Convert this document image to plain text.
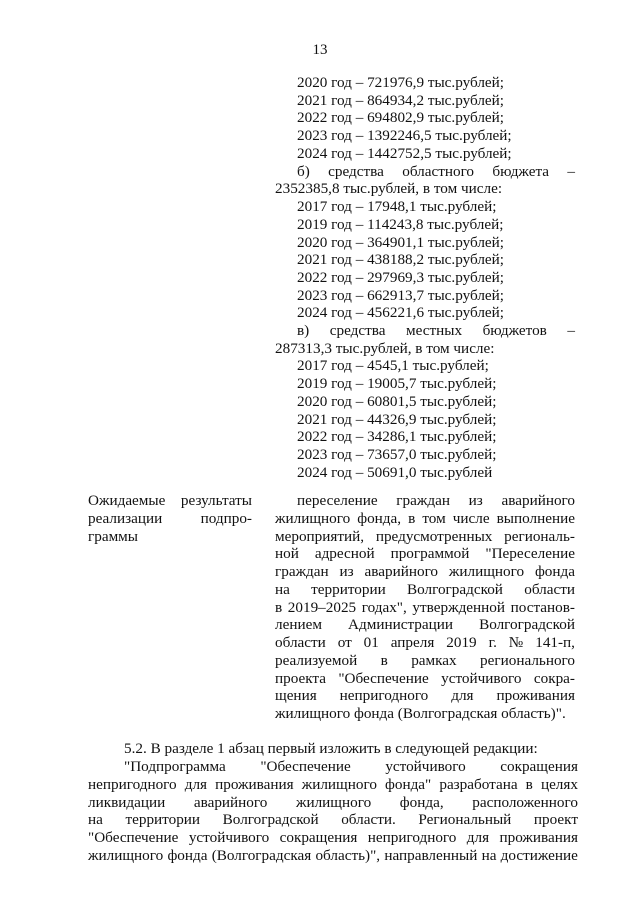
13
2020 год – 721976,9 тыс.рублей;
2021 год – 864934,2 тыс.рублей;
2022 год – 694802,9 тыс.рублей;
2023 год – 1392246,5 тыс.рублей;
2024 год – 1442752,5 тыс.рублей;
б) средства областного бюджета –
2352385,8 тыс.рублей, в том числе:
2017 год – 17948,1 тыс.рублей;
2019 год – 114243,8 тыс.рублей;
2020 год – 364901,1 тыс.рублей;
2021 год – 438188,2 тыс.рублей;
2022 год – 297969,3 тыс.рублей;
2023 год – 662913,7 тыс.рублей;
2024 год – 456221,6 тыс.рублей;
в) средства местных бюджетов –
287313,3 тыс.рублей, в том числе:
2017 год – 4545,1 тыс.рублей;
2019 год – 19005,7 тыс.рублей;
2020 год – 60801,5 тыс.рублей;
2021 год – 44326,9 тыс.рублей;
2022 год – 34286,1 тыс.рублей;
2023 год – 73657,0 тыс.рублей;
2024 год – 50691,0 тыс.рублей
Ожидаемые результаты
реализации	подпро-
граммы
переселение граждан из аварийного
жилищного фонда, в том числе выполнение
мероприятий, предусмотренных региональ-
ной адресной программой "Переселение
граждан из аварийного жилищного фонда
на территории Волгоградской области
в 2019–2025 годах", утвержденной постанов-
лением Администрации Волгоградской
области от 01 апреля 2019 г. № 141-п,
реализуемой в рамках регионального
проекта "Обеспечение устойчивого сокра-
щения непригодного для проживания
жилищного фонда (Волгоградская область)".
5.2. В разделе 1 абзац первый изложить в следующей редакции:
"Подпрограмма "Обеспечение устойчивого сокращения
непригодного для проживания жилищного фонда" разработана в целях
ликвидации аварийного жилищного фонда, расположенного
на территории Волгоградской области. Региональный проект
"Обеспечение устойчивого сокращения непригодного для проживания
жилищного фонда (Волгоградская область)", направленный на достижение
